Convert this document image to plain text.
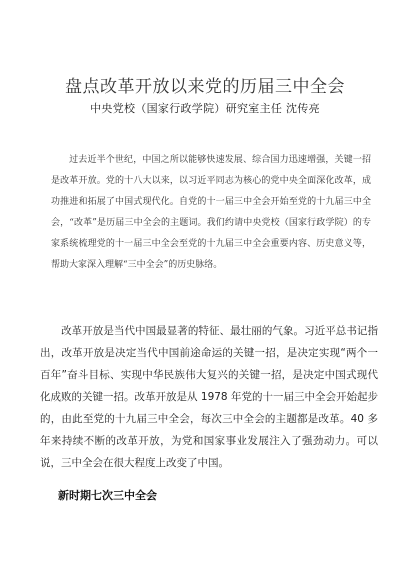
盘点改革开放以来党的历届三中全会
中央党校（国家行政学院）研究室主任 沈传亮

过去近半个世纪，中国之所以能够快速发展、综合国力迅速增强，关键一招是改革开放。党的十八大以来，以习近平同志为核心的党中央全面深化改革，成功推进和拓展了中国式现代化。自党的十一届三中全会开始至党的十九届三中全会，“改革”是历届三中全会的主题词。我们约请中央党校（国家行政学院）的专家系统梳理党的十一届三中全会至党的十九届三中全会重要内容、历史意义等，帮助大家深入理解“三中全会”的历史脉络。

改革开放是当代中国最显著的特征、最壮丽的气象。习近平总书记指出，改革开放是决定当代中国前途命运的关键一招，是决定实现“两个一百年”奋斗目标、实现中华民族伟大复兴的关键一招，是决定中国式现代化成败的关键一招。改革开放是从 1978 年党的十一届三中全会开始起步的，由此至党的十九届三中全会，每次三中全会的主题都是改革。40 多年来持续不断的改革开放，为党和国家事业发展注入了强劲动力。可以说，三中全会在很大程度上改变了中国。

新时期七次三中全会
